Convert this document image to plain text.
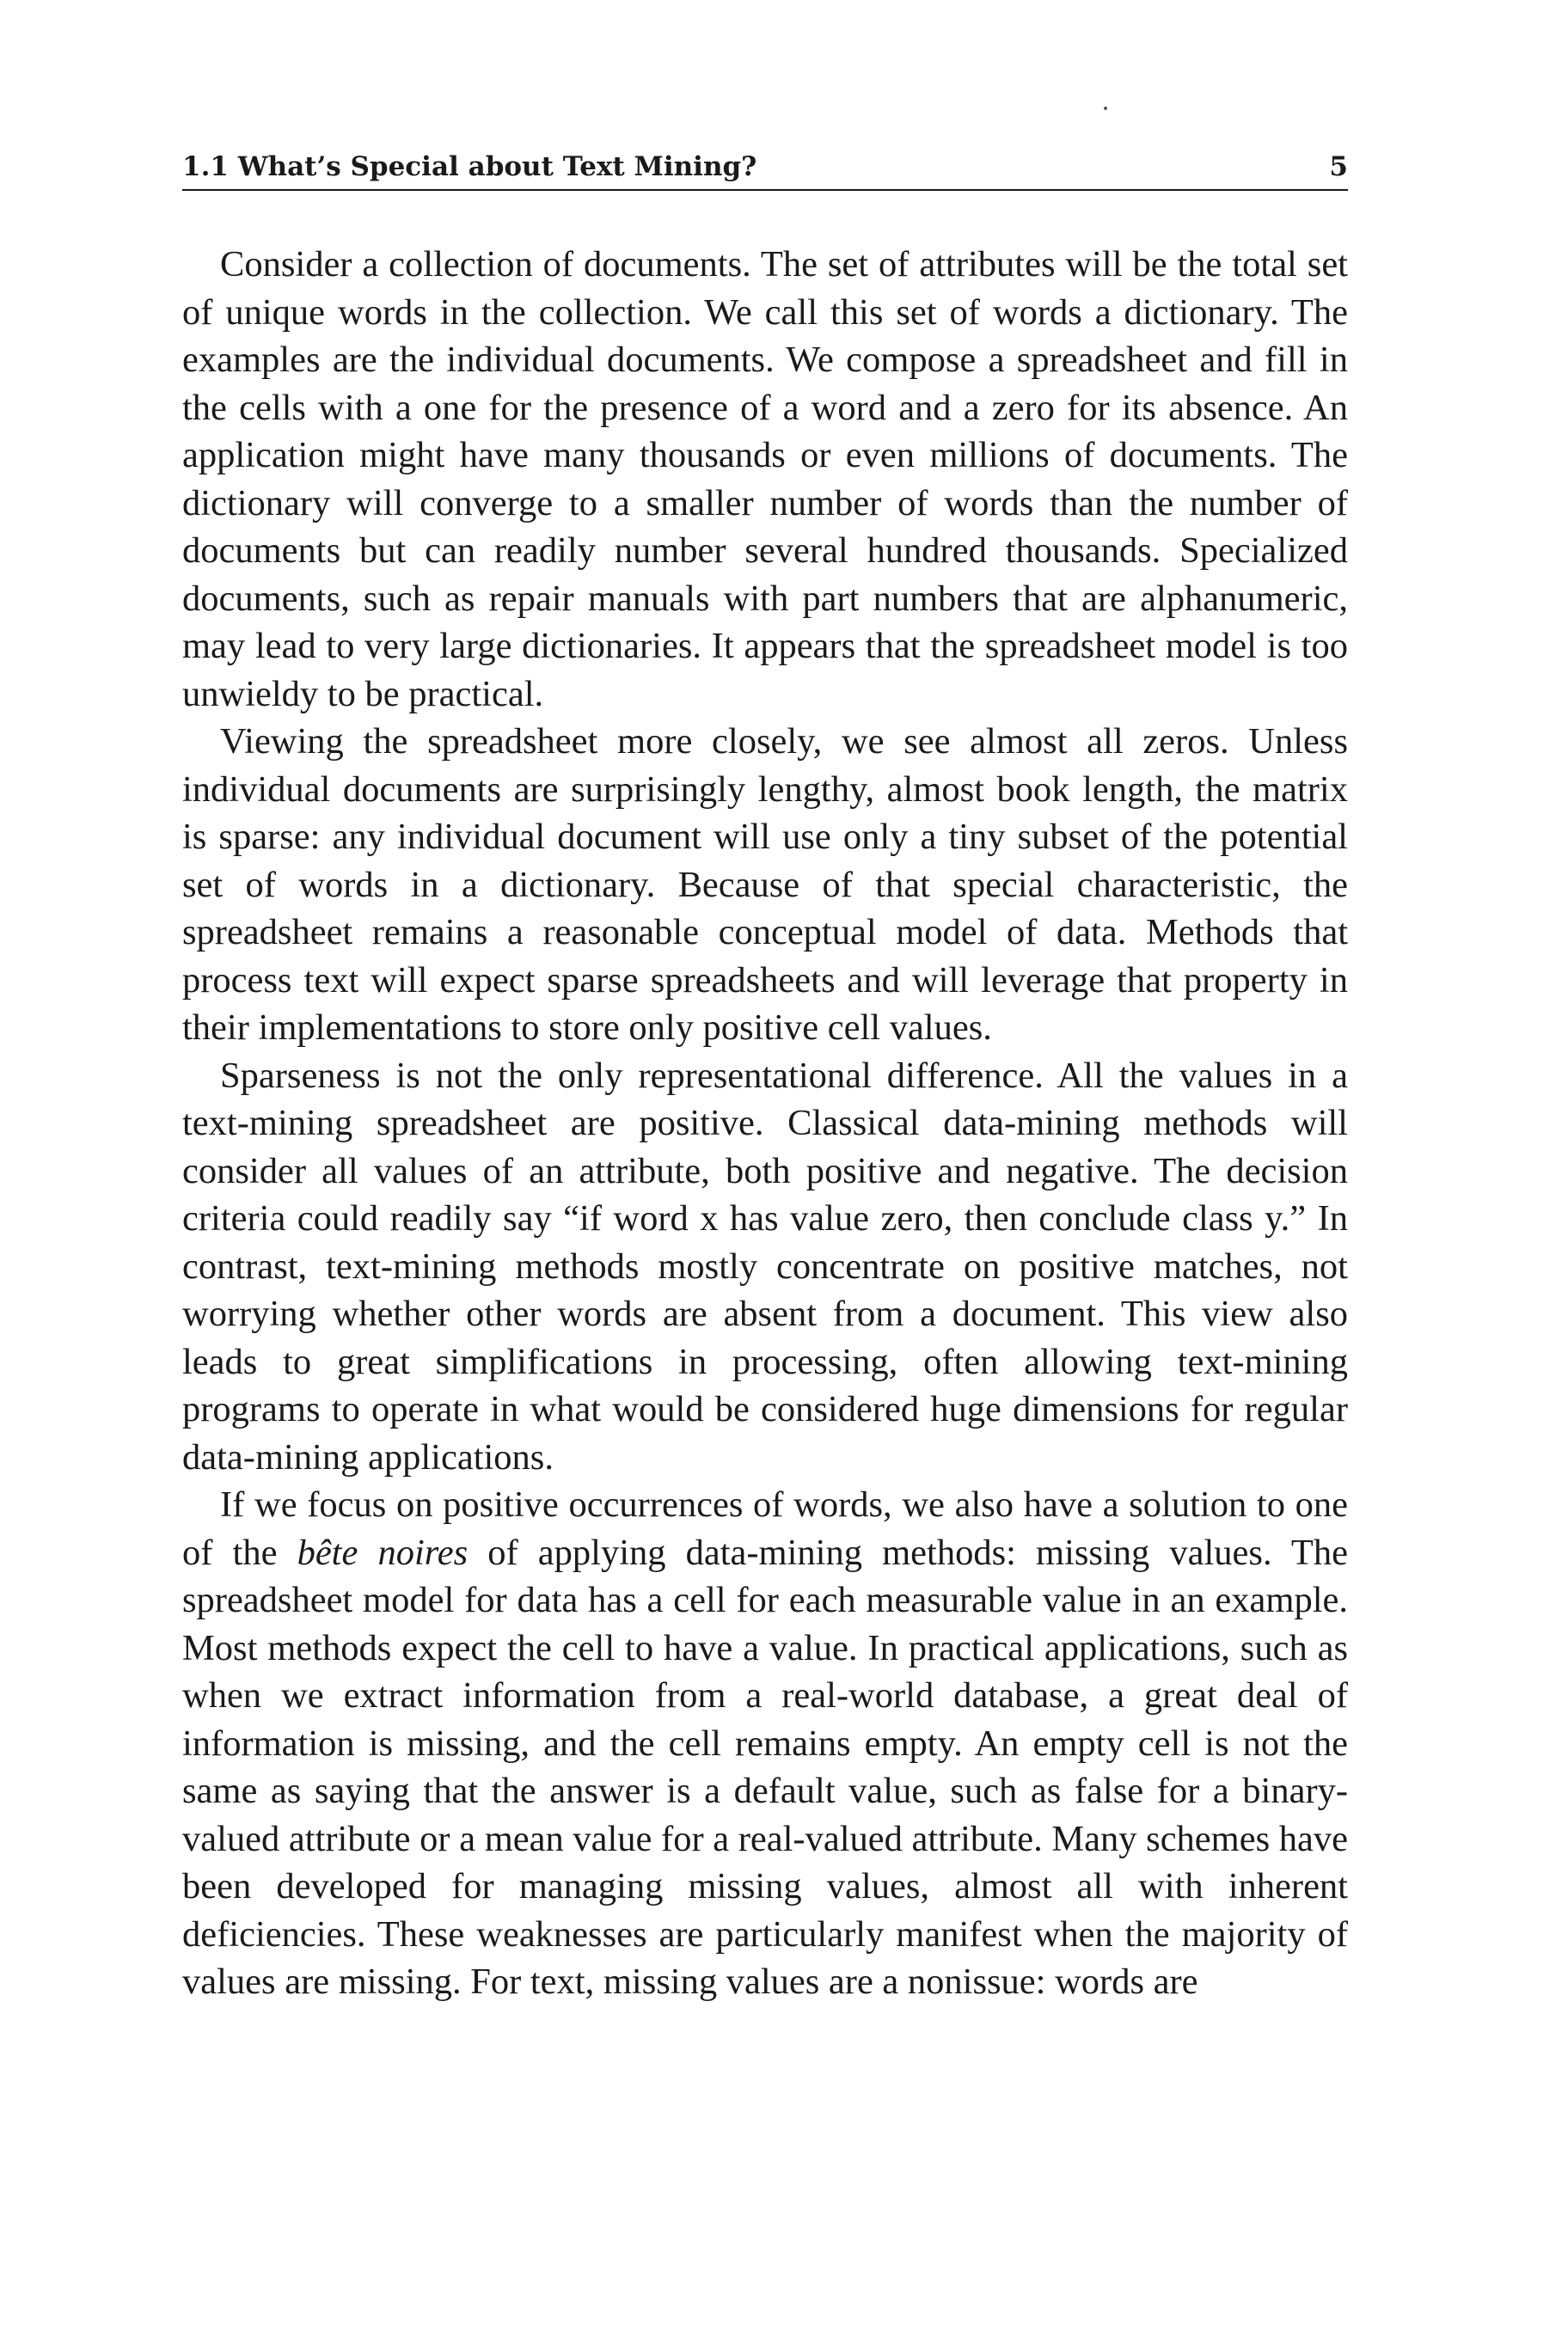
1.1 What’s Special about Text Mining?	5

Consider a collection of documents. The set of attributes will be the total set of unique words in the collection. We call this set of words a dictionary. The examples are the individual documents. We compose a spreadsheet and fill in the cells with a one for the presence of a word and a zero for its absence. An application might have many thousands or even millions of documents. The dictionary will converge to a smaller number of words than the number of documents but can readily number several hundred thousands. Specialized documents, such as repair manuals with part numbers that are alphanumeric, may lead to very large dictionaries. It appears that the spreadsheet model is too unwieldy to be practical.

Viewing the spreadsheet more closely, we see almost all zeros. Unless individual documents are surprisingly lengthy, almost book length, the matrix is sparse: any individual document will use only a tiny subset of the potential set of words in a dictionary. Because of that special characteristic, the spreadsheet remains a reasonable conceptual model of data. Methods that process text will expect sparse spreadsheets and will leverage that property in their implementations to store only positive cell values.

Sparseness is not the only representational difference. All the values in a text-mining spreadsheet are positive. Classical data-mining methods will consider all values of an attribute, both positive and negative. The decision criteria could readily say “if word x has value zero, then conclude class y.” In contrast, text-mining methods mostly concentrate on positive matches, not worrying whether other words are absent from a document. This view also leads to great simplifications in processing, often allowing text-mining programs to operate in what would be considered huge dimensions for regular data-mining applications.

If we focus on positive occurrences of words, we also have a solution to one of the bête noires of applying data-mining methods: missing values. The spreadsheet model for data has a cell for each measurable value in an example. Most methods expect the cell to have a value. In practical applications, such as when we extract information from a real-world database, a great deal of information is missing, and the cell remains empty. An empty cell is not the same as saying that the answer is a default value, such as false for a binary-valued attribute or a mean value for a real-valued attribute. Many schemes have been developed for managing missing values, almost all with inherent deficiencies. These weaknesses are particularly manifest when the majority of values are missing. For text, missing values are a nonissue: words are
